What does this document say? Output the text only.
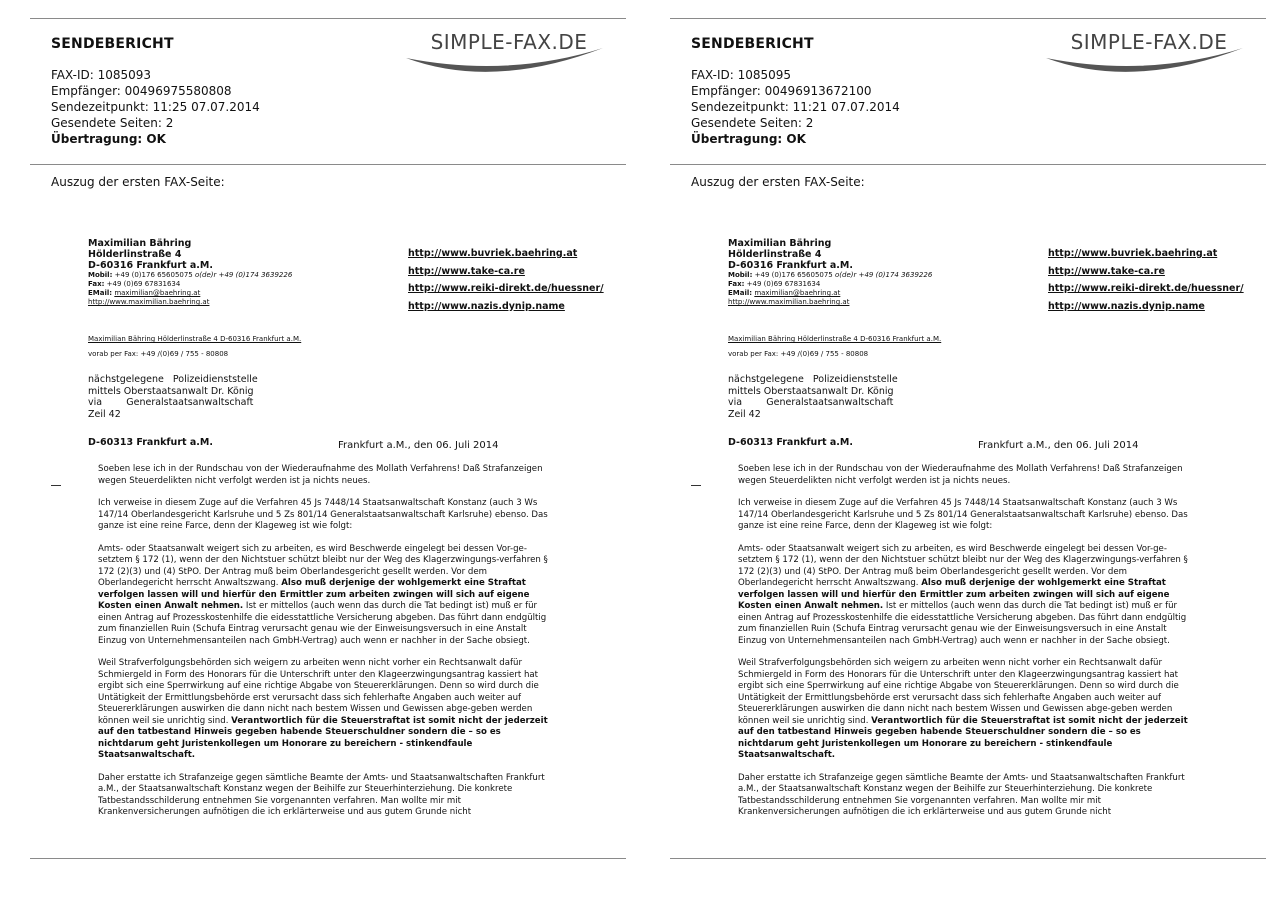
SENDEBERICHT	SIMPLE-FAX.DE
FAX-ID: 1085093
Empfänger: 00496975580808
Sendezeitpunkt: 11:25 07.07.2014
Gesendete Seiten: 2
Übertragung: OK
Auszug der ersten FAX-Seite:
Maximilian Bähring
Hölderlinstraße 4
D-60316 Frankfurt a.M.
Mobil: +49 (0)176 65605075 o(de)r +49 (0)174 3639226
Fax: +49 (0)69 67831634
EMail: maximilian@baehring.at
http://www.maximilian.baehring.at
http://www.buvriek.baehring.at
http://www.take-ca.re
http://www.reiki-direkt.de/huessner/
http://www.nazis.dynip.name
Maximilian Bähring Hölderlinstraße 4 D-60316 Frankfurt a.M.
vorab per Fax: +49 /(0)69 / 755 - 80808
nächstgelegene   Polizeidienststelle
mittels Oberstaatsanwalt Dr. König
via        Generalstaatsanwaltschaft
Zeil 42
D-60313 Frankfurt a.M.	Frankfurt a.M., den 06. Juli 2014

Soeben lese ich in der Rundschau von der Wiederaufnahme des Mollath Verfahrens! Daß Strafanzeigen wegen Steuerdelikten nicht verfolgt werden ist ja nichts neues.

Ich verweise in diesem Zuge auf die Verfahren 45 Js 7448/14 Staatsanwaltschaft Konstanz (auch 3 Ws 147/14 Oberlandesgericht Karlsruhe und 5 Zs 801/14 Generalstaatsanwaltschaft Karlsruhe) ebenso. Das ganze ist eine reine Farce, denn der Klageweg ist wie folgt:

Amts- oder Staatsanwalt weigert sich zu arbeiten, es wird Beschwerde eingelegt bei dessen Vor-ge-setztem § 172 (1), wenn der den Nichtstuer schützt bleibt nur der Weg des Klagerzwingungs-verfahren § 172 (2)(3) und (4) StPO. Der Antrag muß beim Oberlandesgericht gesellt werden. Vor dem Oberlandegericht herrscht Anwaltszwang. Also muß derjenige der wohlgemerkt eine Straftat verfolgen lassen will und hierfür den Ermittler zum arbeiten zwingen will sich auf eigene Kosten einen Anwalt nehmen. Ist er mittellos (auch wenn das durch die Tat bedingt ist) muß er für einen Antrag auf Prozesskostenhilfe die eidesstattliche Versicherung abgeben. Das führt dann endgültig zum finanziellen Ruin (Schufa Eintrag verursacht genau wie der Einweisungsversuch in eine Anstalt Einzug von Unternehmensanteilen nach GmbH-Vertrag) auch wenn er nachher in der Sache obsiegt.

Weil Strafverfolgungsbehörden sich weigern zu arbeiten wenn nicht vorher ein Rechtsanwalt dafür Schmiergeld in Form des Honorars für die Unterschrift unter den Klageerzwingungsantrag kassiert hat ergibt sich eine Sperrwirkung auf eine richtige Abgabe von Steuererklärungen. Denn so wird durch die Untätigkeit der Ermittlungsbehörde erst verursacht dass sich fehlerhafte Angaben auch weiter auf Steuererklärungen auswirken die dann nicht nach bestem Wissen und Gewissen abge-geben werden können weil sie unrichtig sind. Verantwortlich für die Steuerstraftat ist somit nicht der jederzeit auf den tatbestand Hinweis gegeben habende Steuerschuldner sondern die – so es nichtdarum geht Juristenkollegen um Honorare zu bereichern - stinkendfaule Staatsanwaltschaft.

Daher erstatte ich Strafanzeige gegen sämtliche Beamte der Amts- und Staatsanwaltschaften Frankfurt a.M., der Staatsanwaltschaft Konstanz wegen der Beihilfe zur Steuerhinterziehung. Die konkrete Tatbestandsschilderung entnehmen Sie vorgenannten verfahren. Man wollte mir mit Krankenversicherungen aufnötigen die ich erklärterweise und aus gutem Grunde nicht

SENDEBERICHT	SIMPLE-FAX.DE
FAX-ID: 1085095
Empfänger: 00496913672100
Sendezeitpunkt: 11:21 07.07.2014
Gesendete Seiten: 2
Übertragung: OK
Auszug der ersten FAX-Seite:
Maximilian Bähring
Hölderlinstraße 4
D-60316 Frankfurt a.M.
Mobil: +49 (0)176 65605075 o(de)r +49 (0)174 3639226
Fax: +49 (0)69 67831634
EMail: maximilian@baehring.at
http://www.maximilian.baehring.at
http://www.buvriek.baehring.at
http://www.take-ca.re
http://www.reiki-direkt.de/huessner/
http://www.nazis.dynip.name
Maximilian Bähring Hölderlinstraße 4 D-60316 Frankfurt a.M.
vorab per Fax: +49 /(0)69 / 755 - 80808
nächstgelegene   Polizeidienststelle
mittels Oberstaatsanwalt Dr. König
via        Generalstaatsanwaltschaft
Zeil 42
D-60313 Frankfurt a.M.	Frankfurt a.M., den 06. Juli 2014

Soeben lese ich in der Rundschau von der Wiederaufnahme des Mollath Verfahrens! Daß Strafanzeigen wegen Steuerdelikten nicht verfolgt werden ist ja nichts neues.

Ich verweise in diesem Zuge auf die Verfahren 45 Js 7448/14 Staatsanwaltschaft Konstanz (auch 3 Ws 147/14 Oberlandesgericht Karlsruhe und 5 Zs 801/14 Generalstaatsanwaltschaft Karlsruhe) ebenso. Das ganze ist eine reine Farce, denn der Klageweg ist wie folgt:

Amts- oder Staatsanwalt weigert sich zu arbeiten, es wird Beschwerde eingelegt bei dessen Vor-ge-setztem § 172 (1), wenn der den Nichtstuer schützt bleibt nur der Weg des Klagerzwingungs-verfahren § 172 (2)(3) und (4) StPO. Der Antrag muß beim Oberlandesgericht gesellt werden. Vor dem Oberlandegericht herrscht Anwaltszwang. Also muß derjenige der wohlgemerkt eine Straftat verfolgen lassen will und hierfür den Ermittler zum arbeiten zwingen will sich auf eigene Kosten einen Anwalt nehmen. Ist er mittellos (auch wenn das durch die Tat bedingt ist) muß er für einen Antrag auf Prozesskostenhilfe die eidesstattliche Versicherung abgeben. Das führt dann endgültig zum finanziellen Ruin (Schufa Eintrag verursacht genau wie der Einweisungsversuch in eine Anstalt Einzug von Unternehmensanteilen nach GmbH-Vertrag) auch wenn er nachher in der Sache obsiegt.

Weil Strafverfolgungsbehörden sich weigern zu arbeiten wenn nicht vorher ein Rechtsanwalt dafür Schmiergeld in Form des Honorars für die Unterschrift unter den Klageerzwingungsantrag kassiert hat ergibt sich eine Sperrwirkung auf eine richtige Abgabe von Steuererklärungen. Denn so wird durch die Untätigkeit der Ermittlungsbehörde erst verursacht dass sich fehlerhafte Angaben auch weiter auf Steuererklärungen auswirken die dann nicht nach bestem Wissen und Gewissen abge-geben werden können weil sie unrichtig sind. Verantwortlich für die Steuerstraftat ist somit nicht der jederzeit auf den tatbestand Hinweis gegeben habende Steuerschuldner sondern die – so es nichtdarum geht Juristenkollegen um Honorare zu bereichern - stinkendfaule Staatsanwaltschaft.

Daher erstatte ich Strafanzeige gegen sämtliche Beamte der Amts- und Staatsanwaltschaften Frankfurt a.M., der Staatsanwaltschaft Konstanz wegen der Beihilfe zur Steuerhinterziehung. Die konkrete Tatbestandsschilderung entnehmen Sie vorgenannten verfahren. Man wollte mir mit Krankenversicherungen aufnötigen die ich erklärterweise und aus gutem Grunde nicht
